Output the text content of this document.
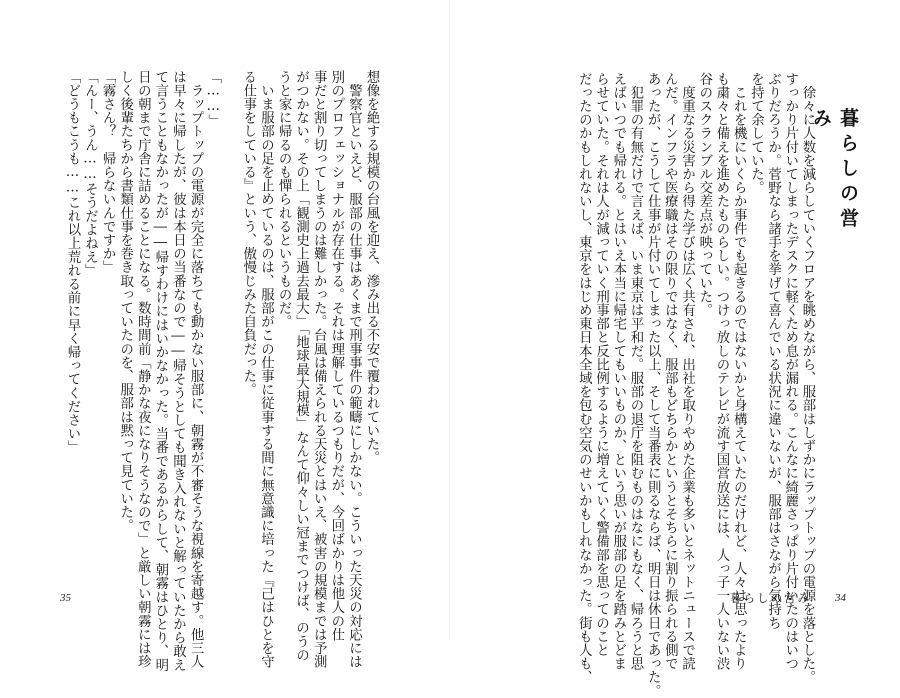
想像を絶する規模の台風を迎え、滲み出る不安で覆われていた。
　警察官といえど、服部の仕事はあくまで刑事事件の範疇にしかない。こういった天災の対応には
別のプロフェッショナルが存在する。それは理解しているつもりだが、今回ばかりは他人の仕
事だと割り切ってしまうのは難しかった。台風は備えられる天災とはいえ、被害の規模までは予測
がつかない。その上「観測史上過去最大」「地球最大規模」なんて仰々しい冠までつけば、のうの
うと家に帰るのも憚られるというものだ。
　いま服部の足を止めているのは、服部がこの仕事に従事する間に無意識に培った『己はひとを守
る仕事をしている』という、傲慢じみた自負だった。

「……」
　ラップトップの電源が完全に落ちても動かない服部に、朝霧が不審そうな視線を寄越す。他三人
は早々に帰したが、彼は本日の当番なので――帰そうとしても聞き入れないと解っていたから敢え
て言うこともなかったが――帰すわけにはいかなかった。当番であるからして、朝霧はひとり、明
日の朝まで庁舎に詰めることになる。数時間前「静かな夜になりそうなので」と厳しい朝霧には珍
しく後輩たちから書類仕事を巻き取っていたのを、服部は黙って見ていた。
「霧さん？　帰らないんですか」
「んー、うん……そうだよねえ」
「どうもこうも……これ以上荒れる前に早く帰ってください」
35
暮らしの営み
　徐々に人数を減らしていくフロアを眺めながら、服部はしずかにラップトップの電源を落とした。
すっかり片付いてしまったデスクに軽くため息が漏れる。こんなに綺麗さっぱり片付いたのはいつ
ぶりだろうか。菅野なら諸手を挙げて喜んでいる状況に違いないが、服部はさながら気持ち
を持て余していた。
　これを機にいくらか事件でも起きるのではないかと身構えていたのだけれど、人々は思ったより
も粛々と備えを進めたものらしい。つけっ放しのテレビが流す国営放送には、人っ子一人いない渋
谷のスクランブル交差点が映っていた。
　度重なる災害から得た学びは広く共有され、出社を取りやめた企業も多いとネットニュースで読
んだ。インフラや医療職はその限りではなく、服部もどちらかというとそちらに割り振られる側で
あったが、こうして仕事が片付いてしまった以上、そして当番表に則るならば、明日は休日であった。
　犯罪の有無だけで言えば、いま東京は平和だ。服部の退庁を阻むものはなにもなく、帰ろうと思
えばいつでも帰れる。とはいえ本当に帰宅してもいいものか、という思いが服部の足を踏みとどま
らせていた。それは人が減っていく刑事部と反比例するように増えていく警備部を思ってのこと
だったのかもしれないし、東京をはじめ東日本全域を包む空気のせいかもしれなかった。街も人も、	暮らしの営み 34
